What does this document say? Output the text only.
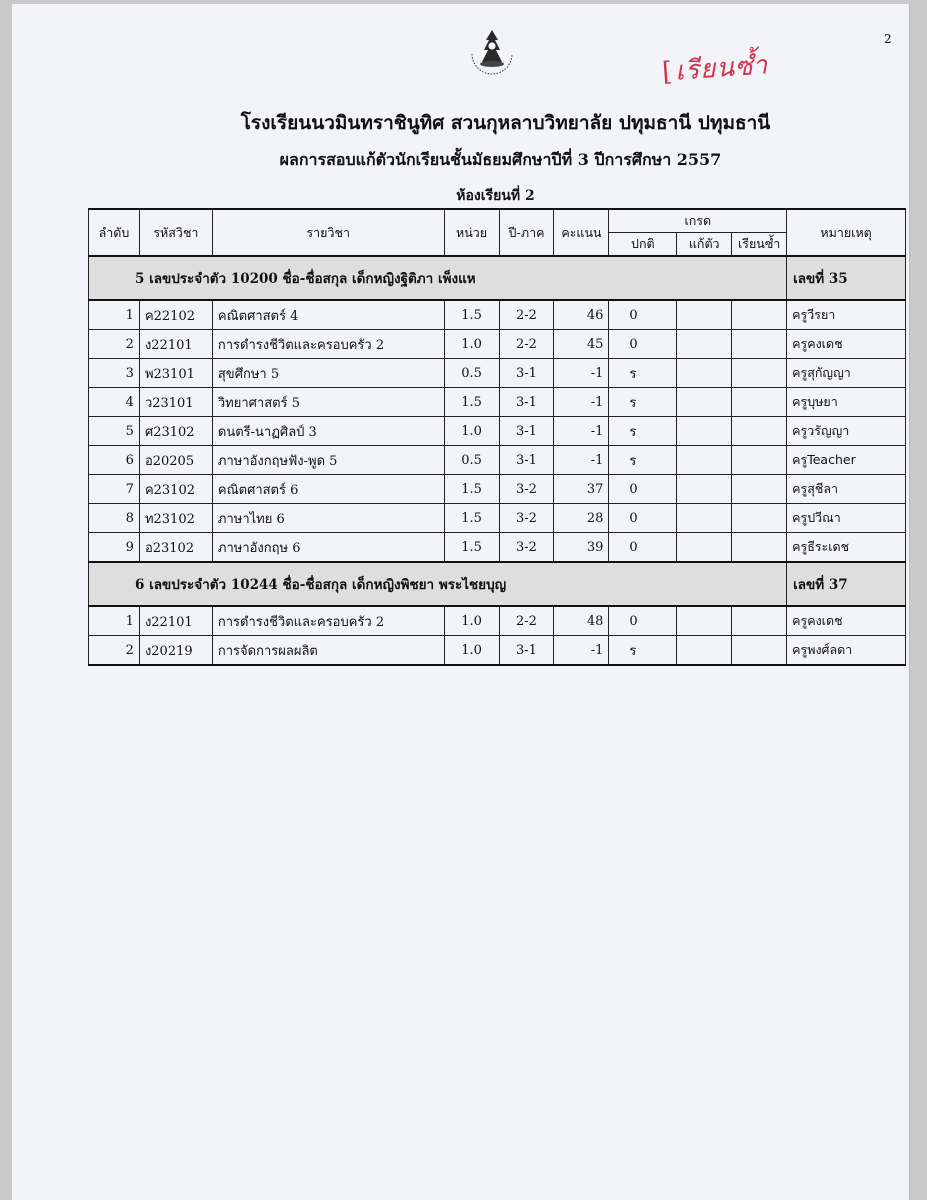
2
[เรียนซ้ำ
โรงเรียนนวมินทราชินูทิศ สวนกุหลาบวิทยาลัย ปทุมธานี ปทุมธานี
ผลการสอบแก้ตัวนักเรียนชั้นมัธยมศึกษาปีที่ 3 ปีการศึกษา 2557
ห้องเรียนที่ 2
ลำดับ	รหัสวิชา	รายวิชา	หน่วย	ปี-ภาค	คะแนน	เกรด			หมายเหตุ
						ปกติ	แก้ตัว	เรียนซ้ำ	
5 เลขประจำตัว 10200 ชื่อ-ชื่อสกุล เด็กหญิงฐิติภา เพ็งแห									เลขที่ 35
1	ค22102	คณิตศาสตร์ 4	1.5	2-2	46	0			ครูวีรยา
2	ง22101	การดำรงชีวิตและครอบครัว 2	1.0	2-2	45	0			ครูคงเดช
3	พ23101	สุขศึกษา 5	0.5	3-1	-1	ร			ครูสุกัญญา
4	ว23101	วิทยาศาสตร์ 5	1.5	3-1	-1	ร			ครูบุษยา
5	ศ23102	ดนตรี-นาฏศิลป์ 3	1.0	3-1	-1	ร			ครูวรัญญา
6	อ20205	ภาษาอังกฤษฟัง-พูด 5	0.5	3-1	-1	ร			ครูTeacher
7	ค23102	คณิตศาสตร์ 6	1.5	3-2	37	0			ครูสุชีลา
8	ท23102	ภาษาไทย 6	1.5	3-2	28	0			ครูปวีณา
9	อ23102	ภาษาอังกฤษ 6	1.5	3-2	39	0			ครูธีระเดช
6 เลขประจำตัว 10244 ชื่อ-ชื่อสกุล เด็กหญิงพิชยา พระไชยบุญ									เลขที่ 37
1	ง22101	การดำรงชีวิตและครอบครัว 2	1.0	2-2	48	0			ครูคงเดช
2	ง20219	การจัดการผลผลิต	1.0	3-1	-1	ร			ครูพงศ์ลดา
